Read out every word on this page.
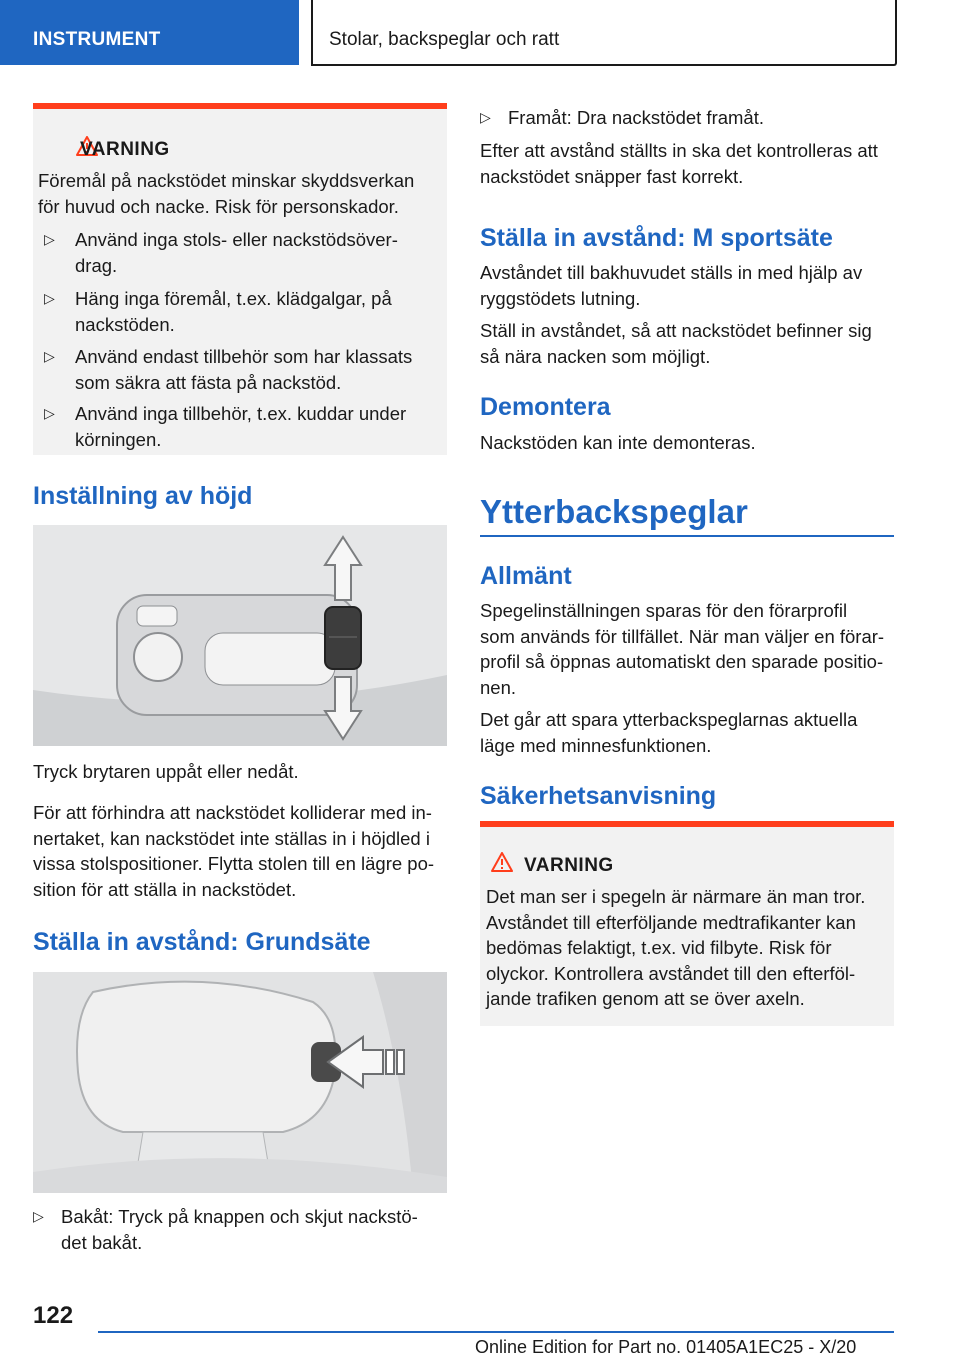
INSTRUMENT	Stolar, backspeglar och ratt
VARNING
Föremål på nackstödet minskar skyddsverkan
för huvud och nacke. Risk för personskador.
▷ Använd inga stols- eller nackstödsöver-
drag.
▷ Häng inga föremål, t.ex. klädgalgar, på
nackstöden.
▷ Använd endast tillbehör som har klassats
som säkra att fästa på nackstöd.
▷ Använd inga tillbehör, t.ex. kuddar under
körningen.
Inställning av höjd

Tryck brytaren uppåt eller nedåt.

För att förhindra att nackstödet kolliderar med in-
nertaket, kan nackstödet inte ställas in i höjdled i
vissa stolspositioner. Flytta stolen till en lägre po-
sition för att ställa in nackstödet.
Ställa in avstånd: Grundsäte
▷ Bakåt: Tryck på knappen och skjut nackstö-
det bakåt.
▷ Framåt: Dra nackstödet framåt.
Efter att avstånd ställts in ska det kontrolleras att
nackstödet snäpper fast korrekt.
Ställa in avstånd: M sportsäte
Avståndet till bakhuvudet ställs in med hjälp av
ryggstödets lutning.
Ställ in avståndet, så att nackstödet befinner sig
så nära nacken som möjligt.
Demontera

Nackstöden kan inte demonteras.

Ytterbackspeglar
Allmänt
Spegelinställningen sparas för den förarprofil
som används för tillfället. När man väljer en förar-
profil så öppnas automatiskt den sparade positio-
nen.
Det går att spara ytterbackspeglarnas aktuella
läge med minnesfunktionen.
Säkerhetsanvisning
VARNING
Det man ser i spegeln är närmare än man tror.
Avståndet till efterföljande medtrafikanter kan
bedömas felaktigt, t.ex. vid filbyte. Risk för
olyckor. Kontrollera avståndet till den efterföl-
jande trafiken genom att se över axeln.
122
Online Edition for Part no. 01405A1EC25 - X/20
